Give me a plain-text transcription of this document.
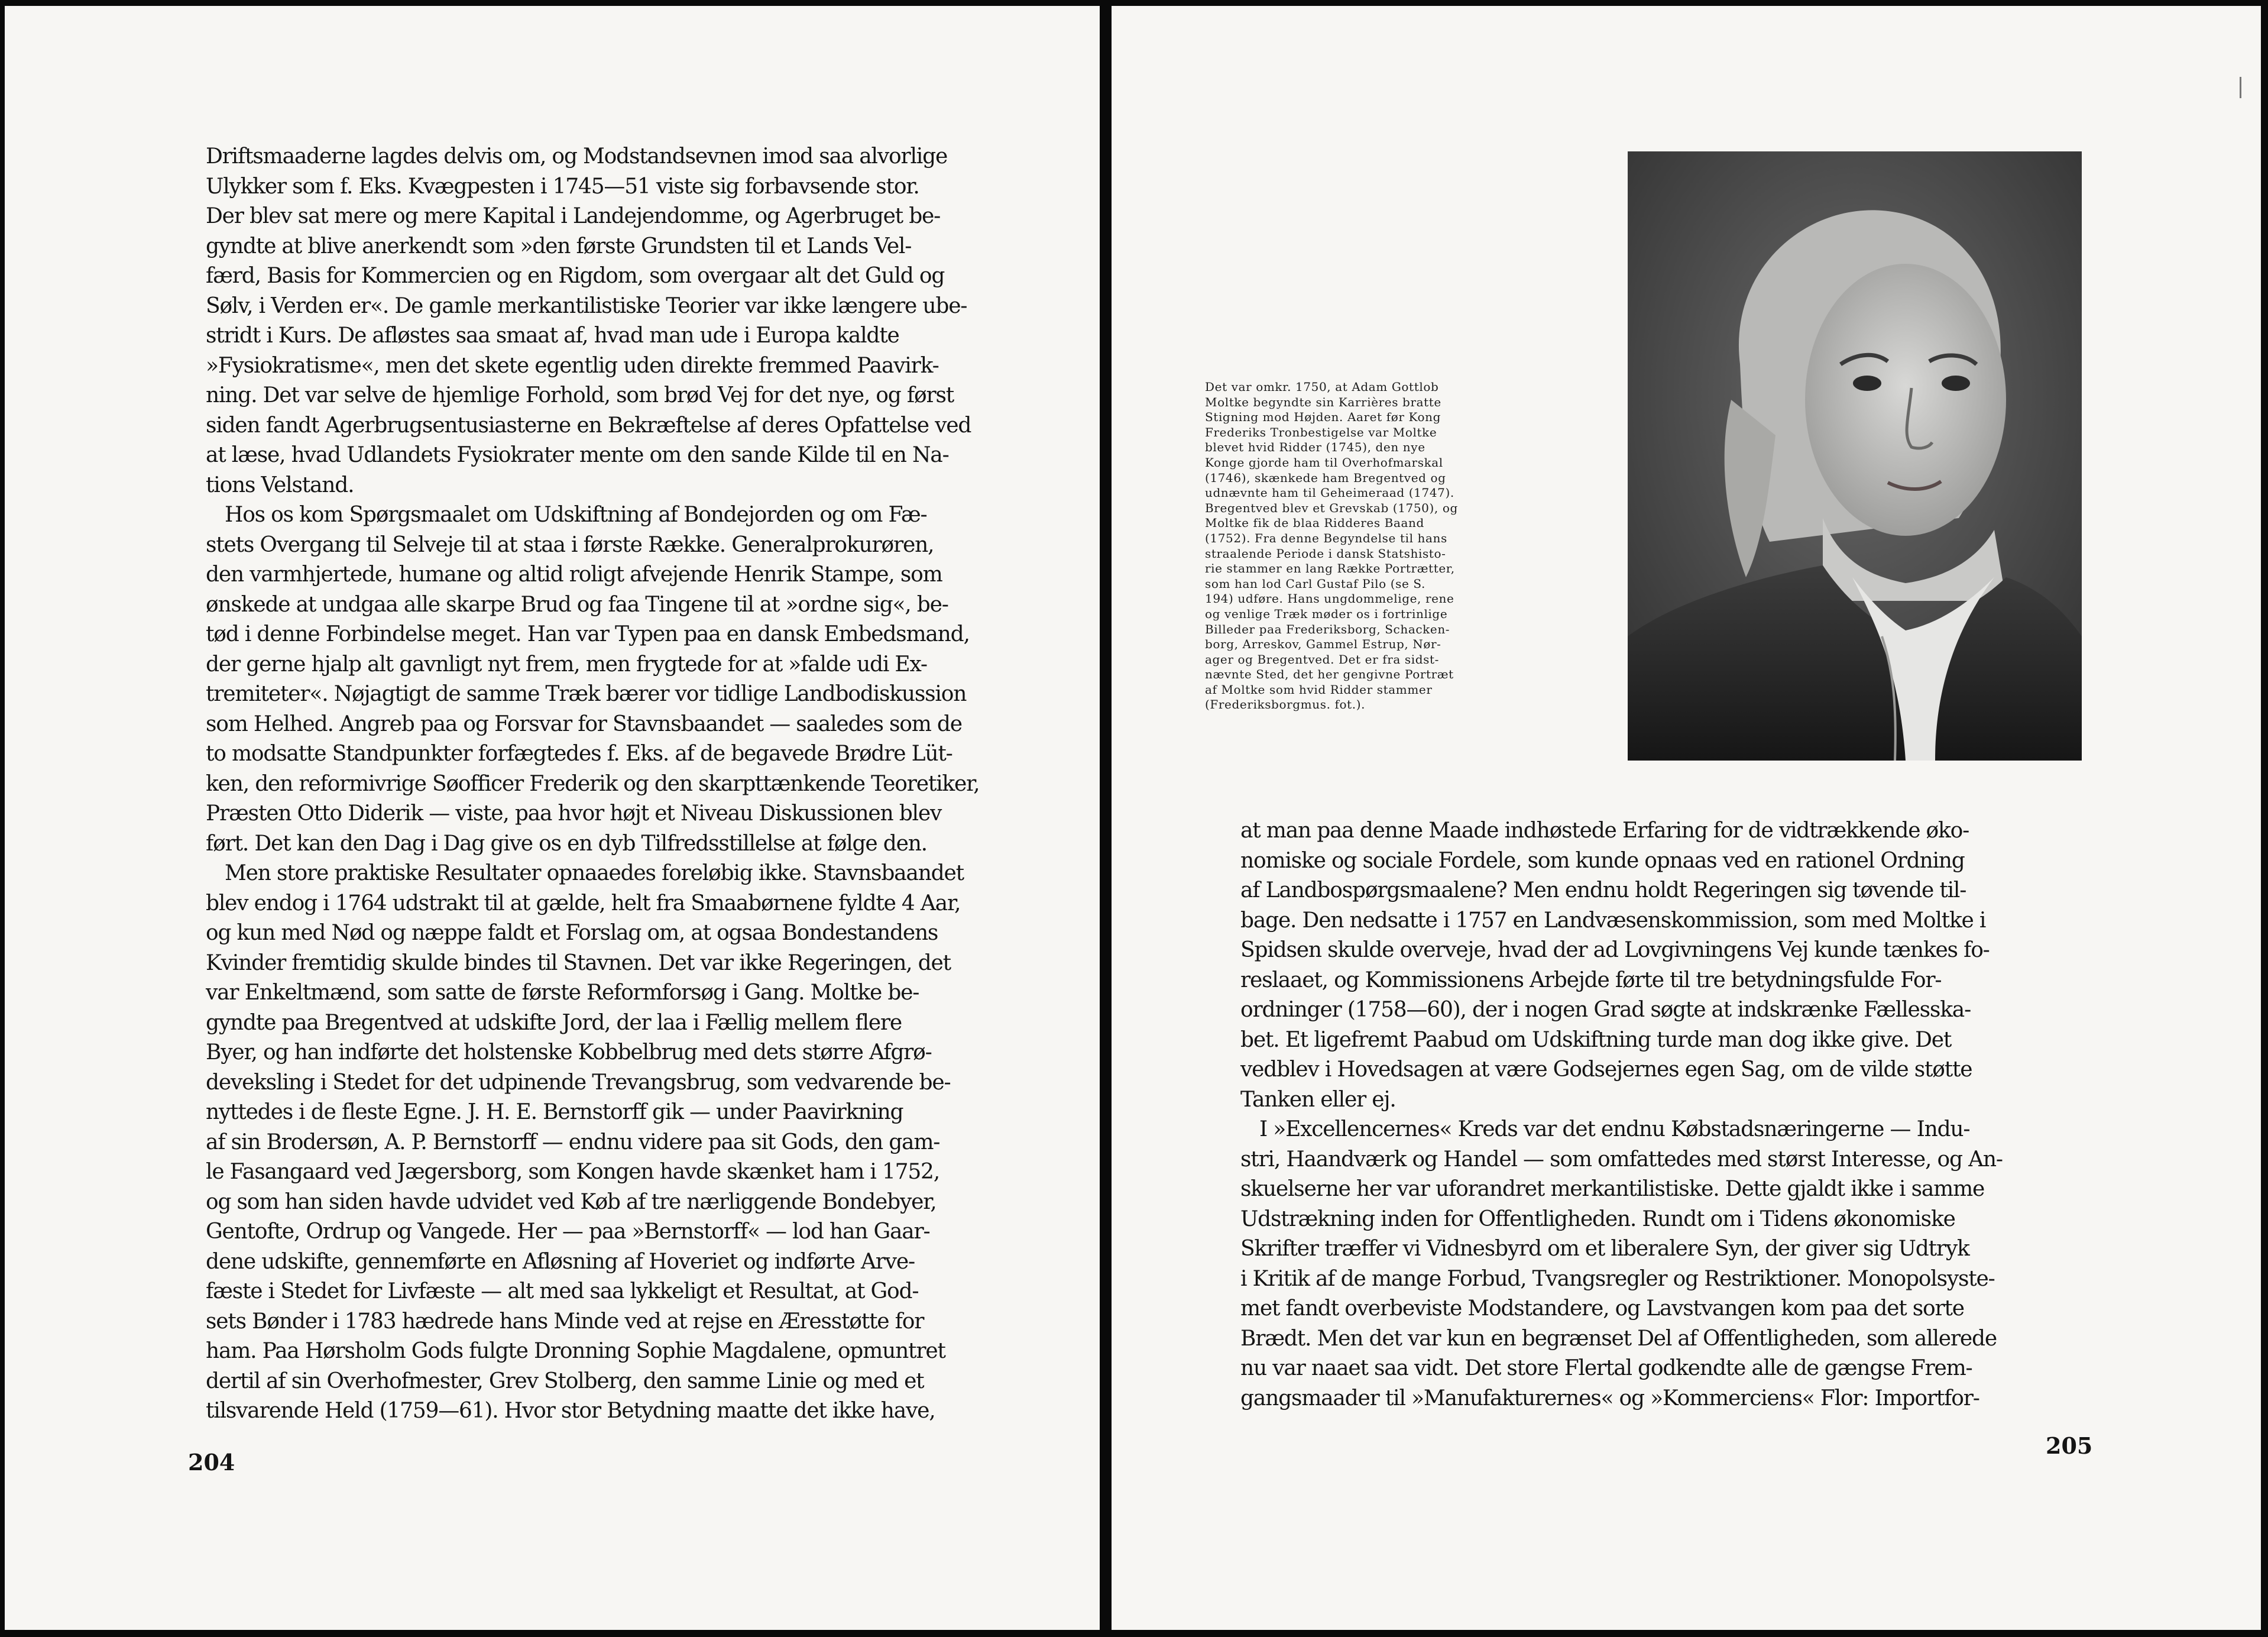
Driftsmaaderne lagdes delvis om, og Modstandsevnen imod saa alvorlige
Ulykker som f. Eks. Kvægpesten i 1745—51 viste sig forbavsende stor.
Der blev sat mere og mere Kapital i Landejendomme, og Agerbruget be-
gyndte at blive anerkendt som »den første Grundsten til et Lands Vel-
færd, Basis for Kommercien og en Rigdom, som overgaar alt det Guld og
Sølv, i Verden er«. De gamle merkantilistiske Teorier var ikke længere ube-
stridt i Kurs. De afløstes saa smaat af, hvad man ude i Europa kaldte
»Fysiokratisme«, men det skete egentlig uden direkte fremmed Paavirk-
ning. Det var selve de hjemlige Forhold, som brød Vej for det nye, og først
siden fandt Agerbrugsentusiasterne en Bekræftelse af deres Opfattelse ved
at læse, hvad Udlandets Fysiokrater mente om den sande Kilde til en Na-
tions Velstand.
Hos os kom Spørgsmaalet om Udskiftning af Bondejorden og om Fæ-
stets Overgang til Selveje til at staa i første Række. Generalprokurøren,
den varmhjertede, humane og altid roligt afvejende Henrik Stampe, som
ønskede at undgaa alle skarpe Brud og faa Tingene til at »ordne sig«, be-
tød i denne Forbindelse meget. Han var Typen paa en dansk Embedsmand,
der gerne hjalp alt gavnligt nyt frem, men frygtede for at »falde udi Ex-
tremiteter«. Nøjagtigt de samme Træk bærer vor tidlige Landbodiskussion
som Helhed. Angreb paa og Forsvar for Stavnsbaandet — saaledes som de
to modsatte Standpunkter forfægtedes f. Eks. af de begavede Brødre Lüt-
ken, den reformivrige Søofficer Frederik og den skarpttænkende Teoretiker,
Præsten Otto Diderik — viste, paa hvor højt et Niveau Diskussionen blev
ført. Det kan den Dag i Dag give os en dyb Tilfredsstillelse at følge den.
Men store praktiske Resultater opnaaedes foreløbig ikke. Stavnsbaandet
blev endog i 1764 udstrakt til at gælde, helt fra Smaabørnene fyldte 4 Aar,
og kun med Nød og næppe faldt et Forslag om, at ogsaa Bondestandens
Kvinder fremtidig skulde bindes til Stavnen. Det var ikke Regeringen, det
var Enkeltmænd, som satte de første Reformforsøg i Gang. Moltke be-
gyndte paa Bregentved at udskifte Jord, der laa i Fællig mellem flere
Byer, og han indførte det holstenske Kobbelbrug med dets større Afgrø-
deveksling i Stedet for det udpinende Trevangsbrug, som vedvarende be-
nyttedes i de fleste Egne. J. H. E. Bernstorff gik — under Paavirkning
af sin Brodersøn, A. P. Bernstorff — endnu videre paa sit Gods, den gam-
le Fasangaard ved Jægersborg, som Kongen havde skænket ham i 1752,
og som han siden havde udvidet ved Køb af tre nærliggende Bondebyer,
Gentofte, Ordrup og Vangede. Her — paa »Bernstorff« — lod han Gaar-
dene udskifte, gennemførte en Afløsning af Hoveriet og indførte Arve-
fæste i Stedet for Livfæste — alt med saa lykkeligt et Resultat, at God-
sets Bønder i 1783 hædrede hans Minde ved at rejse en Æresstøtte for
ham. Paa Hørsholm Gods fulgte Dronning Sophie Magdalene, opmuntret
dertil af sin Overhofmester, Grev Stolberg, den samme Linie og med et
tilsvarende Held (1759—61). Hvor stor Betydning maatte det ikke have,
204
Det var omkr. 1750, at Adam Gottlob
Moltke begyndte sin Karrières bratte
Stigning mod Højden. Aaret før Kong
Frederiks Tronbestigelse var Moltke
blevet hvid Ridder (1745), den nye
Konge gjorde ham til Overhofmarskal
(1746), skænkede ham Bregentved og
udnævnte ham til Geheimeraad (1747).
Bregentved blev et Grevskab (1750), og
Moltke fik de blaa Ridderes Baand
(1752). Fra denne Begyndelse til hans
straalende Periode i dansk Statshisto-
rie stammer en lang Række Portrætter,
som han lod Carl Gustaf Pilo (se S.
194) udføre. Hans ungdommelige, rene
og venlige Træk møder os i fortrinlige
Billeder paa Frederiksborg, Schacken-
borg, Arreskov, Gammel Estrup, Nør-
ager og Bregentved. Det er fra sidst-
nævnte Sted, det her gengivne Portræt
af Moltke som hvid Ridder stammer
(Frederiksborgmus. fot.).
at man paa denne Maade indhøstede Erfaring for de vidtrækkende øko-
nomiske og sociale Fordele, som kunde opnaas ved en rationel Ordning
af Landbospørgsmaalene? Men endnu holdt Regeringen sig tøvende til-
bage. Den nedsatte i 1757 en Landvæsenskommission, som med Moltke i
Spidsen skulde overveje, hvad der ad Lovgivningens Vej kunde tænkes fo-
reslaaet, og Kommissionens Arbejde førte til tre betydningsfulde For-
ordninger (1758—60), der i nogen Grad søgte at indskrænke Fællesska-
bet. Et ligefremt Paabud om Udskiftning turde man dog ikke give. Det
vedblev i Hovedsagen at være Godsejernes egen Sag, om de vilde støtte
Tanken eller ej.
I »Excellencernes« Kreds var det endnu Købstadsnæringerne — Indu-
stri, Haandværk og Handel — som omfattedes med størst Interesse, og An-
skuelserne her var uforandret merkantilistiske. Dette gjaldt ikke i samme
Udstrækning inden for Offentligheden. Rundt om i Tidens økonomiske
Skrifter træffer vi Vidnesbyrd om et liberalere Syn, der giver sig Udtryk
i Kritik af de mange Forbud, Tvangsregler og Restriktioner. Monopolsyste-
met fandt overbeviste Modstandere, og Lavstvangen kom paa det sorte
Brædt. Men det var kun en begrænset Del af Offentligheden, som allerede
nu var naaet saa vidt. Det store Flertal godkendte alle de gængse Frem-
gangsmaader til »Manufakturernes« og »Kommerciens« Flor: Importfor-
205
